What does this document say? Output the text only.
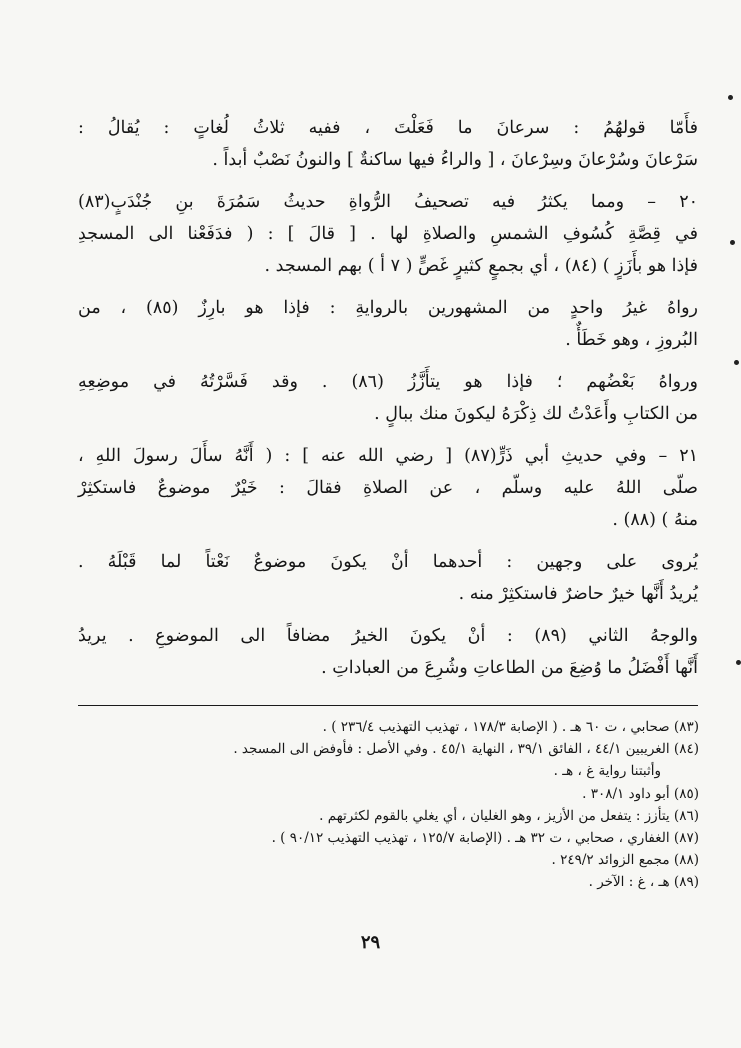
فأَمّا قولهُمُ : سرعانَ ما فَعَلْتَ ، ففيه ثلاثُ لُغاتٍ : يُقالُ :
سَرْعانَ وسُرْعانَ وسِرْعانَ ، [ والراءُ فيها ساكنةٌ ] والنونُ نَصْبٌ أبداً .
٢٠ – ومما يكثرُ فيه تصحيفُ الرُّواةِ حديثُ سَمُرَةَ بنِ جُنْدَبٍ(٨٣)
في قِصَّةِ كُسُوفِ الشمسِ والصلاةِ لها . [ قالَ ] : ( فدَفَعْنا الى المسجدِ
فإذا هو بأَزَزٍ ) (٨٤) ، أي بجمعٍ كثيرٍ غَصٍّ ( ٧ أ ) بهم المسجد .
رواهُ غيرُ واحدٍ من المشهورين بالروايةِ : فإذا هو بارِزٌ (٨٥) ، من
البُروزِ ، وهو خَطَأٌ .
ورواهُ بَعْضُهم ؛ فإذا هو يتأَزَّزُ (٨٦) . وقد فَسَّرْتُهُ في موضِعِهِ
من الكتابِ وأَعَدْتُ لك ذِكْرَهُ ليكونَ منك ببالٍ .
٢١ – وفي حديثِ أبي ذَرٍّ(٨٧) [ رضي الله عنه ] : ( أَنَّهُ سأَلَ رسولَ اللهِ ،
صلّى اللهُ عليه وسلّم ، عن الصلاةِ فقالَ : خَيْرٌ موضوعٌ فاستكثِرْ
منهُ ) (٨٨) .
يُروى على وجهين : أحدهما أنْ يكونَ موضوعٌ نَعْتاً لما قَبْلَهُ .
يُريدُ أَنَّها خيرٌ حاضرٌ فاستكثِرْ منه .
والوجهُ الثاني (٨٩) : أنْ يكونَ الخيرُ مضافاً الى الموضوعِ . يريدُ
أَنَّها أَفْضَلُ ما وُضِعَ من الطاعاتِ وشُرِعَ من العباداتِ .
(٨٣) صحابي ، ت ٦٠ هـ . ( الإصابة ١٧٨/٣ ، تهذيب التهذيب ٢٣٦/٤ ) .
(٨٤) الغريبين ٤٤/١ ، الفائق ٣٩/١ ، النهاية ٤٥/١ . وفي الأصل : فأوفض الى المسجد .
وأثبتنا رواية غ ، هـ .
(٨٥) أبو داود ٣٠٨/١ .
(٨٦) يتأزز : يتفعل من الأزيز ، وهو الغليان ، أي يغلي بالقوم لكثرتهم .
(٨٧) الغفاري ، صحابي ، ت ٣٢ هـ . (الإصابة ١٢٥/٧ ، تهذيب التهذيب ٩٠/١٢ ) .
(٨٨) مجمع الزوائد ٢٤٩/٢ .
(٨٩) هـ ، غ : الآخر .
٢٩
